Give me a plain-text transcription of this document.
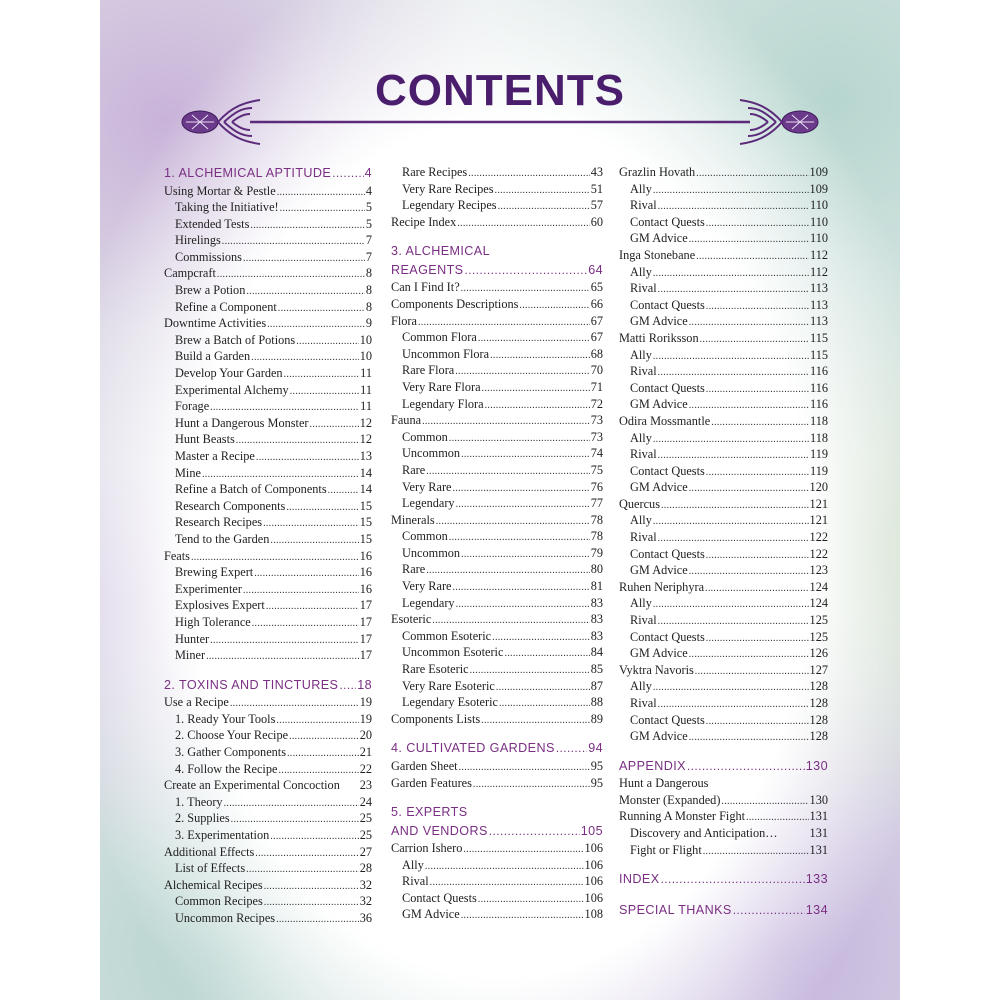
CONTENTS
1. ALCHEMICAL APTITUDE .....	4
Using Mortar & Pestle .....	4
Taking the Initiative! .....	5
Extended Tests .....	5
Hirelings .....	7
Commissions .....	7
Campcraft .....	8
Brew a Potion .....	8
Refine a Component .....	8
Downtime Activities .....	9
Brew a Batch of Potions .....	10
Build a Garden .....	10
Develop Your Garden .....	11
Experimental Alchemy .....	11
Forage .....	11
Hunt a Dangerous Monster .....	12
Hunt Beasts .....	12
Master a Recipe .....	13
Mine .....	14
Refine a Batch of Components .....	14
Research Components .....	15
Research Recipes .....	15
Tend to the Garden .....	15
Feats .....	16
Brewing Expert .....	16
Experimenter .....	16
Explosives Expert .....	17
High Tolerance .....	17
Hunter .....	17
Miner .....	17
2. TOXINS AND TINCTURES ..... 18
Use a Recipe .....	19
1. Ready Your Tools .....	19
2. Choose Your Recipe .....	20
3. Gather Components .....	21
4. Follow the Recipe .....	22
Create an Experimental Concoction 23
1. Theory .....	24
2. Supplies .....	25
3. Experimentation .....	25
Additional Effects .....	27
List of Effects .....	28
Alchemical Recipes .....	32
Common Recipes .....	32
Uncommon Recipes .....	36
Rare Recipes .....	43
Very Rare Recipes .....	51
Legendary Recipes .....	57
Recipe Index .....	60
3. ALCHEMICAL
REAGENTS .....	64
Can I Find It? .....	65
Components Descriptions .....	66
Flora .....	67
Common Flora .....	67
Uncommon Flora .....	68
Rare Flora .....	70
Very Rare Flora .....	71
Legendary Flora .....	72
Fauna .....	73
Common .....	73
Uncommon .....	74
Rare .....	75
Very Rare .....	76
Legendary .....	77
Minerals .....	78
Common .....	78
Uncommon .....	79
Rare .....	80
Very Rare .....	81
Legendary .....	83
Esoteric .....	83
Common Esoteric .....	83
Uncommon Esoteric .....	84
Rare Esoteric .....	85
Very Rare Esoteric .....	87
Legendary Esoteric .....	88
Components Lists .....	89
4. CULTIVATED GARDENS .....	94
Garden Sheet .....	95
Garden Features .....	95
5. EXPERTS
AND VENDORS .....	105
Carrion Ishero .....	106
Ally .....	106
Rival .....	106
Contact Quests .....	106
GM Advice .....	108
Grazlin Hovath .....	109
Ally .....	109
Rival .....	110
Contact Quests .....	110
GM Advice .....	110
Inga Stonebane .....	112
Ally .....	112
Rival .....	113
Contact Quests .....	113
GM Advice .....	113
Matti Roriksson .....	115
Ally .....	115
Rival .....	116
Contact Quests .....	116
GM Advice .....	116
Odira Mossmantle .....	118
Ally .....	118
Rival .....	119
Contact Quests .....	119
GM Advice .....	120
Quercus .....	121
Ally .....	121
Rival .....	122
Contact Quests .....	122
GM Advice .....	123
Ruhen Neriphyra .....	124
Ally .....	124
Rival .....	125
Contact Quests .....	125
GM Advice .....	126
Vyktra Navoris .....	127
Ally .....	128
Rival .....	128
Contact Quests .....	128
GM Advice .....	128
APPENDIX .....	130
Hunt a Dangerous
Monster (Expanded) .....	130
Running A Monster Fight .....	131
Discovery and Anticipation…	131
Fight or Flight .....	131
INDEX .....	133
SPECIAL THANKS .....	134
